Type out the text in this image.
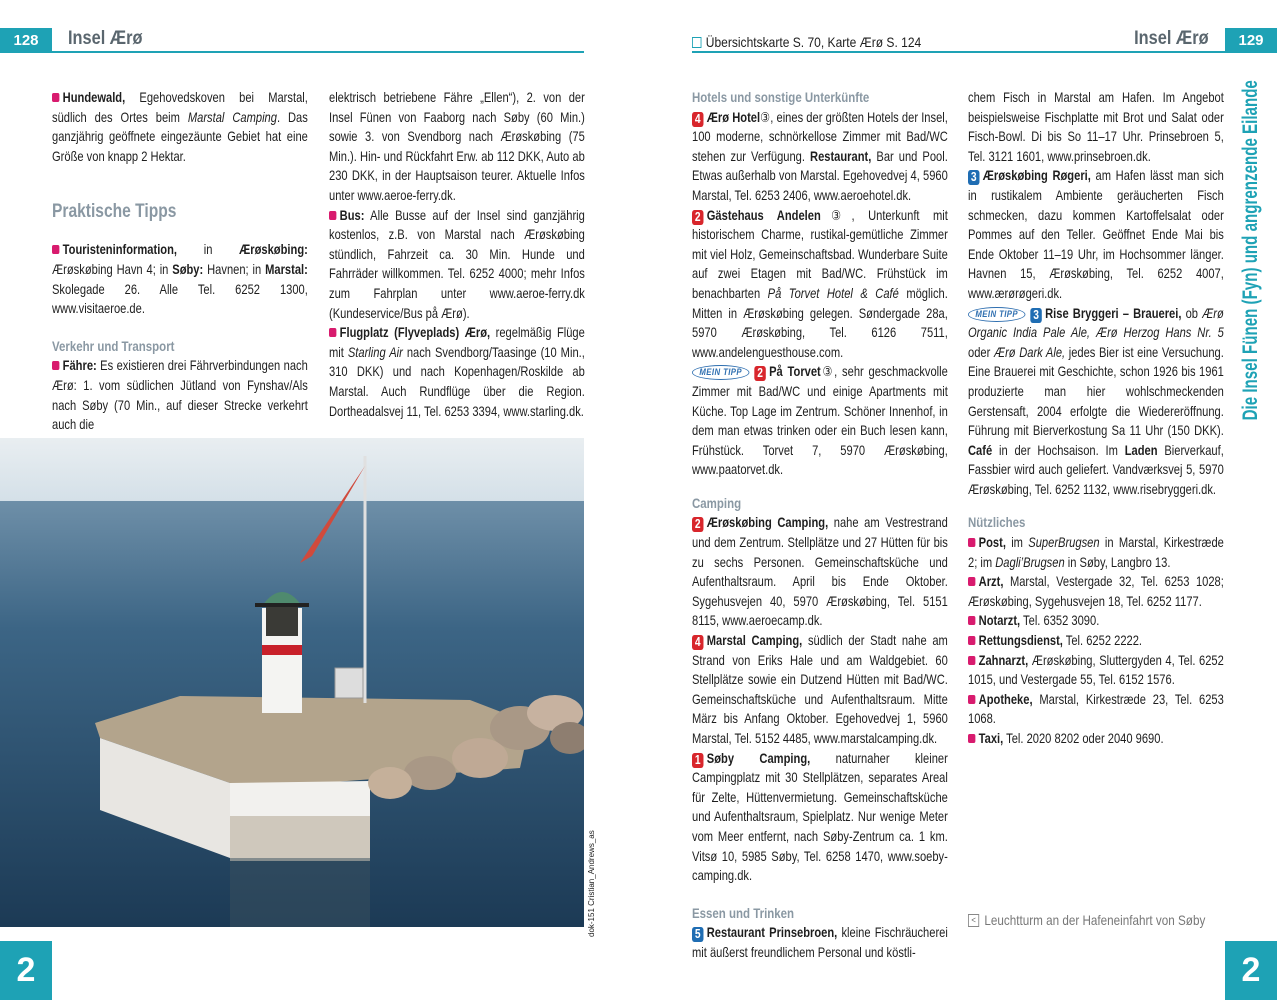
128 Insel Ærø

Hundewald, Egehovedskoven bei Marstal, südlich des Ortes beim Marstal Camping. Das ganzjährig geöffnete eingezäunte Gebiet hat eine Größe von knapp 2 Hektar.

Praktische Tipps

Touristeninformation, in Ærøskøbing: Ærøskøbing Havn 4; in Søby: Havnen; in Marstal: Skolegade 26. Alle Tel. 6252 1300, www.visitaeroe.de.

Verkehr und Transport

Fähre: Es existieren drei Fährverbindungen nach Ærø: 1. vom südlichen Jütland von Fynshav/Als nach Søby (70 Min., auf dieser Strecke verkehrt auch die

elektrisch betriebene Fähre „Ellen“), 2. von der Insel Fünen von Faaborg nach Søby (60 Min.) sowie 3. von Svendborg nach Ærøskøbing (75 Min.). Hin- und Rückfahrt Erw. ab 112 DKK, Auto ab 230 DKK, in der Hauptsaison teurer. Aktuelle Infos unter www.aeroe-ferry.dk.

Bus: Alle Busse auf der Insel sind ganzjährig kostenlos, z.B. von Marstal nach Ærøskøbing stündlich, Fahrzeit ca. 30 Min. Hunde und Fahrräder willkommen. Tel. 6252 4000; mehr Infos zum Fahrplan unter www.aeroe-ferry.dk (Kundeservice/Bus på Ærø).

Flugplatz (Flyveplads) Ærø, regelmäßig Flüge mit Starling Air nach Svendborg/Taasinge (10 Min., 310 DKK) und nach Kopenhagen/Roskilde ab Marstal. Auch Rundflüge über die Region. Dortheadalsvej 11, Tel. 6253 3394, www.starling.dk.

dok-151 Cristian_Andrews_as
2
Übersichtskarte S. 70, Karte Ærø S. 124	Insel Ærø 129
Die Insel Fünen (Fyn) und angrenzende Eilande

Hotels und sonstige Unterkünfte

4 Ærø Hotel③, eines der größten Hotels der Insel, 100 moderne, schnörkellose Zimmer mit Bad/WC stehen zur Verfügung. Restaurant, Bar und Pool. Etwas außerhalb von Marstal. Egehovedvej 4, 5960 Marstal, Tel. 6253 2406, www.aeroehotel.dk.

2 Gästehaus Andelen③, Unterkunft mit historischem Charme, rustikal-gemütliche Zimmer mit viel Holz, Gemeinschaftsbad. Wunderbare Suite auf zwei Etagen mit Bad/WC. Frühstück im benachbarten På Torvet Hotel & Café möglich. Mitten in Ærøskøbing gelegen. Søndergade 28a, 5970 Ærøskøbing, Tel. 6126 7511, www.andelenguesthouse.com.

MEIN TIPP 2 På Torvet③, sehr geschmackvolle Zimmer mit Bad/WC und einige Apartments mit Küche. Top Lage im Zentrum. Schöner Innenhof, in dem man etwas trinken oder ein Buch lesen kann, Frühstück. Torvet 7, 5970 Ærøskøbing, www.paatorvet.dk.

Camping

2 Ærøskøbing Camping, nahe am Vestrestrand und dem Zentrum. Stellplätze und 27 Hütten für bis zu sechs Personen. Gemeinschaftsküche und Aufenthaltsraum. April bis Ende Oktober. Sygehusvejen 40, 5970 Ærøskøbing, Tel. 5151 8115, www.aeroecamp.dk.

4 Marstal Camping, südlich der Stadt nahe am Strand von Eriks Hale und am Waldgebiet. 60 Stellplätze sowie ein Dutzend Hütten mit Bad/WC. Gemeinschaftsküche und Aufenthaltsraum. Mitte März bis Anfang Oktober. Egehovedvej 1, 5960 Marstal, Tel. 5152 4485, www.marstalcamping.dk.

1 Søby Camping, naturnaher kleiner Campingplatz mit 30 Stellplätzen, separates Areal für Zelte, Hüttenvermietung. Gemeinschaftsküche und Aufenthaltsraum, Spielplatz. Nur wenige Meter vom Meer entfernt, nach Søby-Zentrum ca. 1 km. Vitsø 10, 5985 Søby, Tel. 6258 1470, www.soeby-camping.dk.

Essen und Trinken

5 Restaurant Prinsebroen, kleine Fischräucherei mit äußerst freundlichem Personal und köstli-

chem Fisch in Marstal am Hafen. Im Angebot beispielsweise Fischplatte mit Brot und Salat oder Fisch-Bowl. Di bis So 11–17 Uhr. Prinsebroen 5, Tel. 3121 1601, www.prinsebroen.dk.

3 Ærøskøbing Røgeri, am Hafen lässt man sich in rustikalem Ambiente geräucherten Fisch schmecken, dazu kommen Kartoffelsalat oder Pommes auf den Teller. Geöffnet Ende Mai bis Ende Oktober 11–19 Uhr, im Hochsommer länger. Havnen 15, Ærøskøbing, Tel. 6252 4007, www.ærørøgeri.dk.

MEIN TIPP 3 Rise Bryggeri – Brauerei, ob Ærø Organic India Pale Ale, Ærø Herzog Hans Nr. 5 oder Ærø Dark Ale, jedes Bier ist eine Versuchung. Eine Brauerei mit Geschichte, schon 1926 bis 1961 produzierte man hier wohlschmeckenden Gerstensaft, 2004 erfolgte die Wiedereröffnung. Führung mit Bierverkostung Sa 11 Uhr (150 DKK). Café in der Hochsaison. Im Laden Bierverkauf, Fassbier wird auch geliefert. Vandværksvej 5, 5970 Ærøskøbing, Tel. 6252 1132, www.risebryggeri.dk.

Nützliches

Post, im SuperBrugsen in Marstal, Kirkestræde 2; im Dagli’Brugsen in Søby, Langbro 13.

Arzt, Marstal, Vestergade 32, Tel. 6253 1028; Ærøskøbing, Sygehusvejen 18, Tel. 6252 1177.

Notarzt, Tel. 6352 3090.

Rettungsdienst, Tel. 6252 2222.

Zahnarzt, Ærøskøbing, Sluttergyden 4, Tel. 6252 1015, und Vestergade 55, Tel. 6152 1576.

Apotheke, Marstal, Kirkestræde 23, Tel. 6253 1068.

Taxi, Tel. 2020 8202 oder 2040 9690.

< Leuchtturm an der Hafeneinfahrt von Søby
2
